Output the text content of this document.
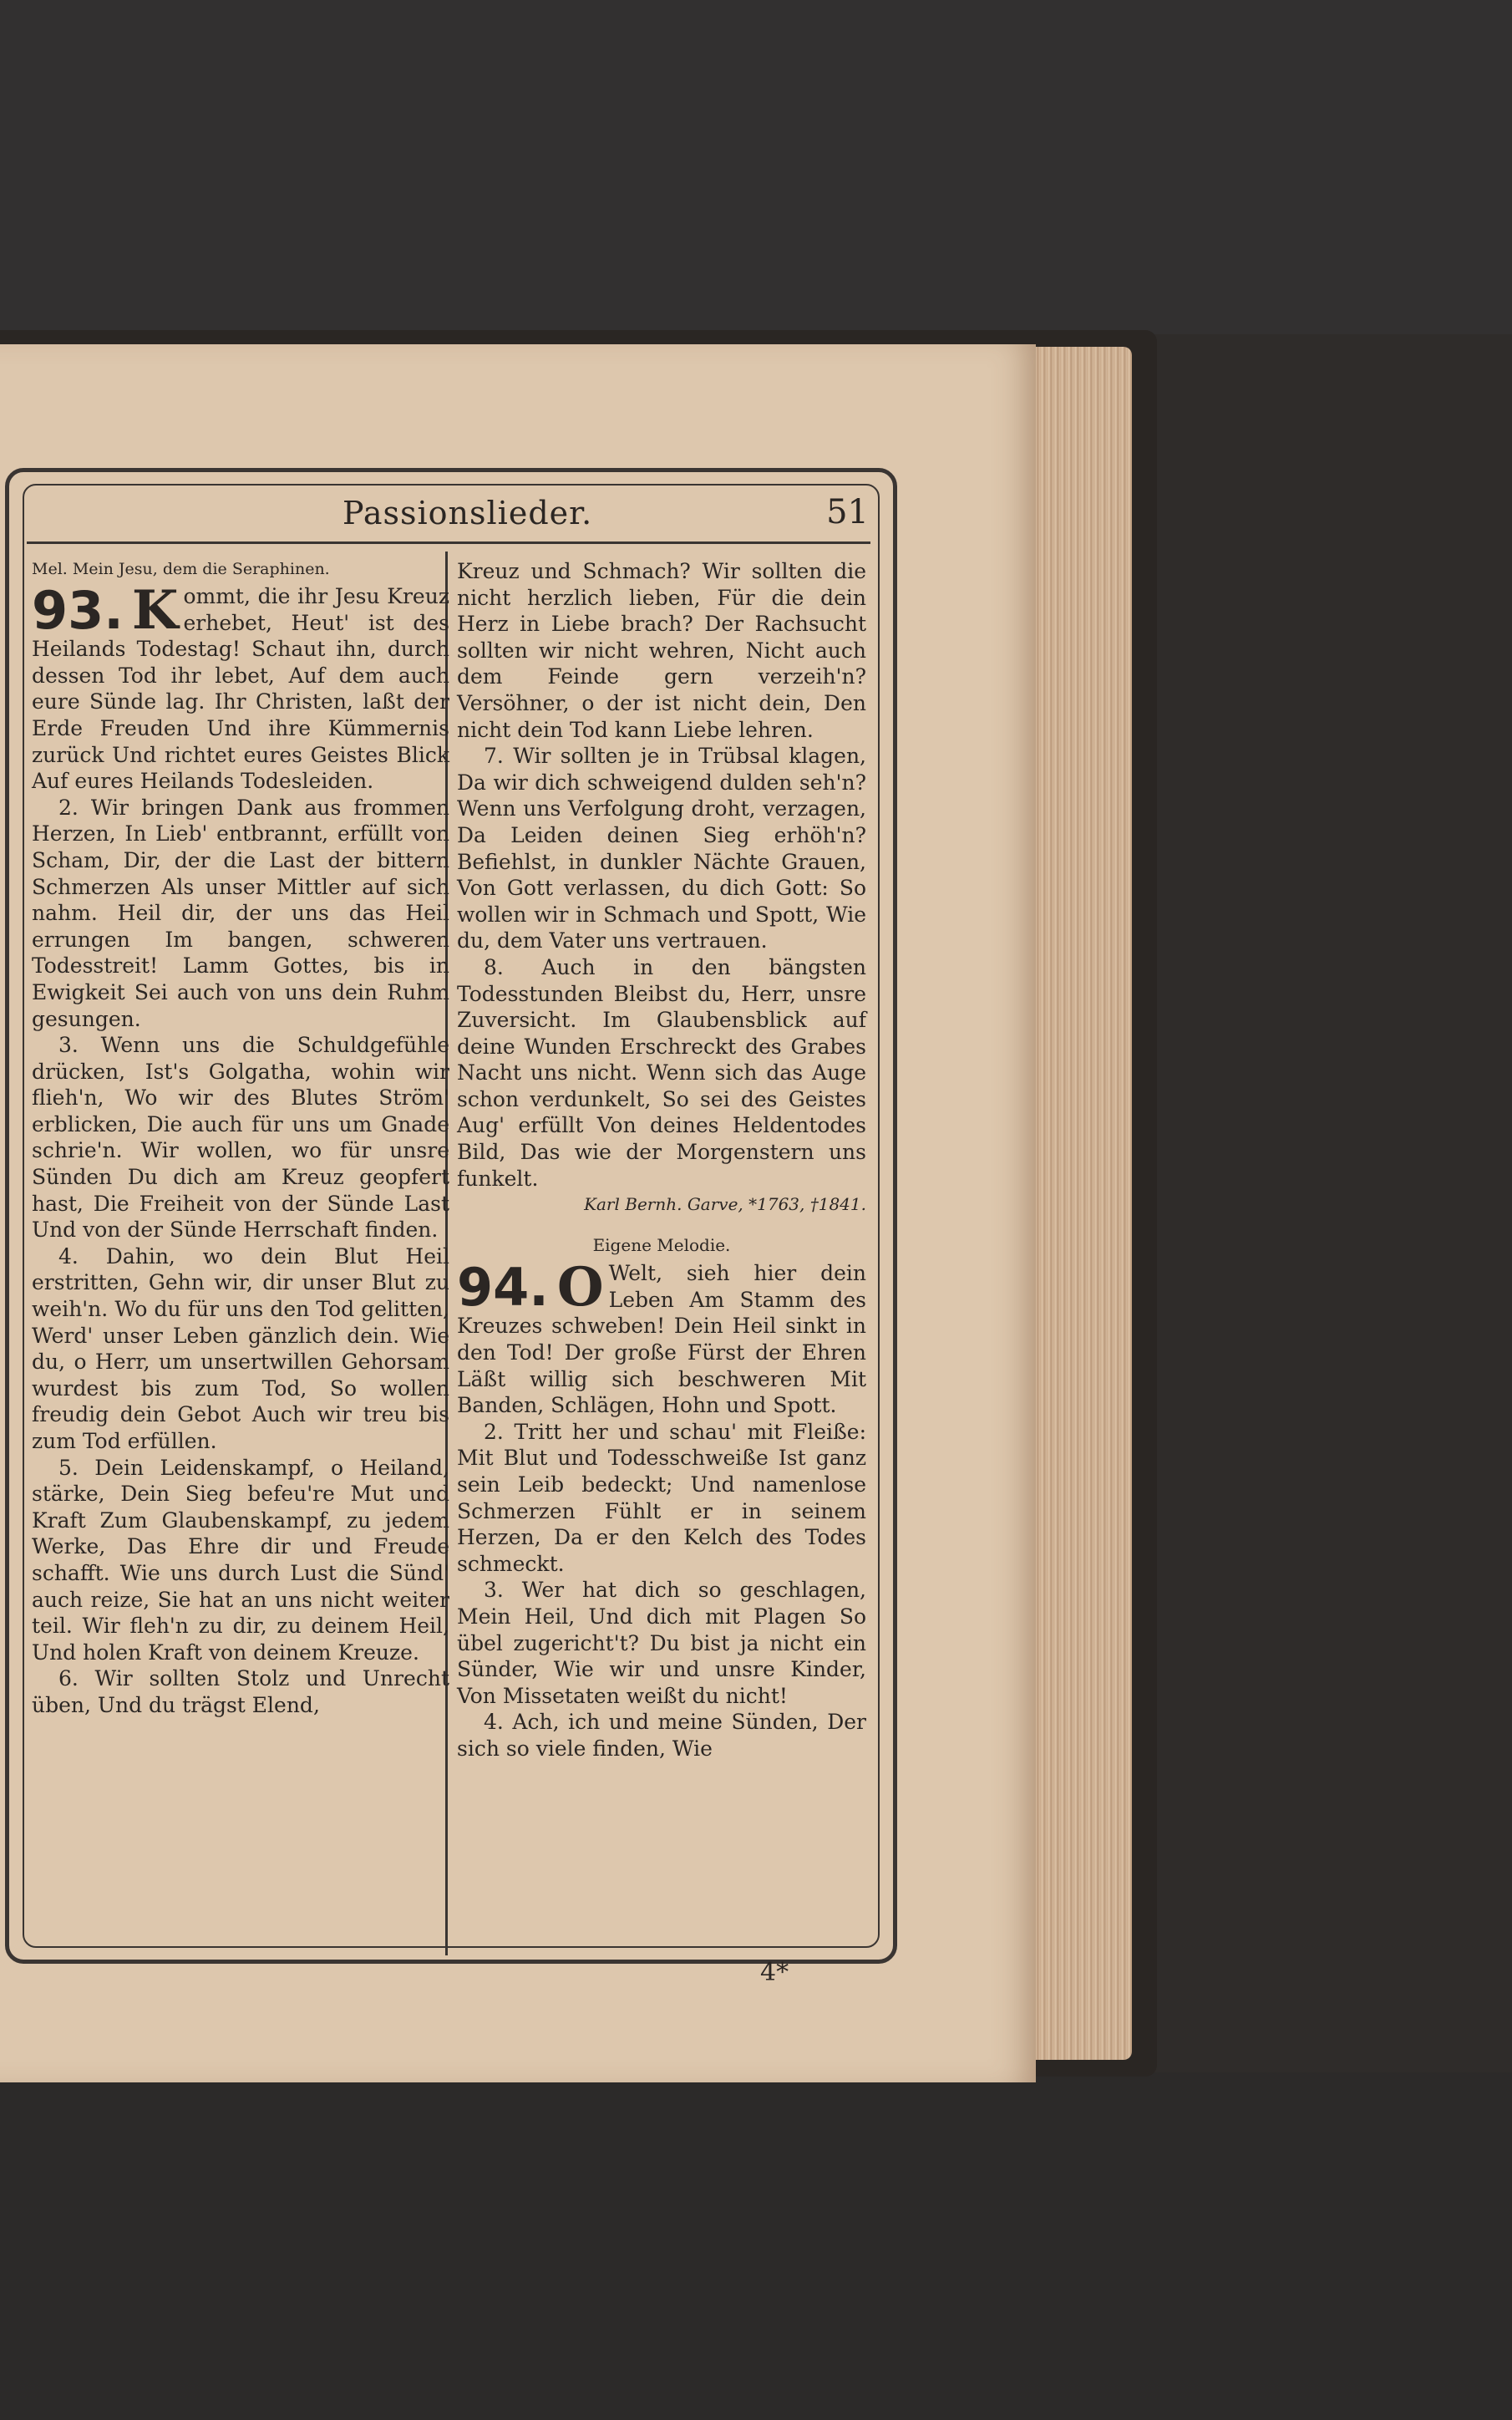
Passionslieder.	51

Mel. Mein Jesu, dem die Seraphinen.

93. K ommt, die ihr Jesu Kreuz erhebet, Heut' ist des Heilands Todestag! Schaut ihn, durch dessen Tod ihr lebet, Auf dem auch eure Sünde lag. Ihr Christen, laßt der Erde Freuden Und ihre Kümmernis zurück Und richtet eures Geistes Blick Auf eures Heilands Todesleiden.

2. Wir bringen Dank aus frommen Herzen, In Lieb' entbrannt, erfüllt von Scham, Dir, der die Last der bittern Schmerzen Als unser Mittler auf sich nahm. Heil dir, der uns das Heil errungen Im bangen, schweren Todesstreit! Lamm Gottes, bis in Ewigkeit Sei auch von uns dein Ruhm gesungen.

3. Wenn uns die Schuldgefühle drücken, Ist's Golgatha, wohin wir flieh'n, Wo wir des Blutes Ström' erblicken, Die auch für uns um Gnade schrie'n. Wir wollen, wo für unsre Sünden Du dich am Kreuz geopfert hast, Die Freiheit von der Sünde Last Und von der Sünde Herrschaft finden.

4. Dahin, wo dein Blut Heil erstritten, Gehn wir, dir unser Blut zu weih'n. Wo du für uns den Tod gelitten, Werd' unser Leben gänzlich dein. Wie du, o Herr, um unsertwillen Gehorsam wurdest bis zum Tod, So wollen freudig dein Gebot Auch wir treu bis zum Tod erfüllen.

5. Dein Leidenskampf, o Heiland, stärke, Dein Sieg befeu're Mut und Kraft Zum Glaubenskampf, zu jedem Werke, Das Ehre dir und Freude schafft. Wie uns durch Lust die Sünd' auch reize, Sie hat an uns nicht weiter teil. Wir fleh'n zu dir, zu deinem Heil, Und holen Kraft von deinem Kreuze.

6. Wir sollten Stolz und Unrecht üben, Und du trägst Elend,

Kreuz und Schmach? Wir sollten die nicht herzlich lieben, Für die dein Herz in Liebe brach? Der Rachsucht sollten wir nicht wehren, Nicht auch dem Feinde gern verzeih'n? Versöhner, o der ist nicht dein, Den nicht dein Tod kann Liebe lehren.

7. Wir sollten je in Trübsal klagen, Da wir dich schweigend dulden seh'n? Wenn uns Verfolgung droht, verzagen, Da Leiden deinen Sieg erhöh'n? Befiehlst, in dunkler Nächte Grauen, Von Gott verlassen, du dich Gott: So wollen wir in Schmach und Spott, Wie du, dem Vater uns vertrauen.

8. Auch in den bängsten Todesstunden Bleibst du, Herr, unsre Zuversicht. Im Glaubensblick auf deine Wunden Erschreckt des Grabes Nacht uns nicht. Wenn sich das Auge schon verdunkelt, So sei des Geistes Aug' erfüllt Von deines Heldentodes Bild, Das wie der Morgenstern uns funkelt.

Karl Bernh. Garve, *1763, †1841.

Eigene Melodie.

94. O Welt, sieh hier dein Leben Am Stamm des Kreuzes schweben! Dein Heil sinkt in den Tod! Der große Fürst der Ehren Läßt willig sich beschweren Mit Banden, Schlägen, Hohn und Spott.

2. Tritt her und schau' mit Fleiße: Mit Blut und Todesschweiße Ist ganz sein Leib bedeckt; Und namenlose Schmerzen Fühlt er in seinem Herzen, Da er den Kelch des Todes schmeckt.

3. Wer hat dich so geschlagen, Mein Heil, Und dich mit Plagen So übel zugericht't? Du bist ja nicht ein Sünder, Wie wir und unsre Kinder, Von Missetaten weißt du nicht!

4. Ach, ich und meine Sünden, Der sich so viele finden, Wie

4*
